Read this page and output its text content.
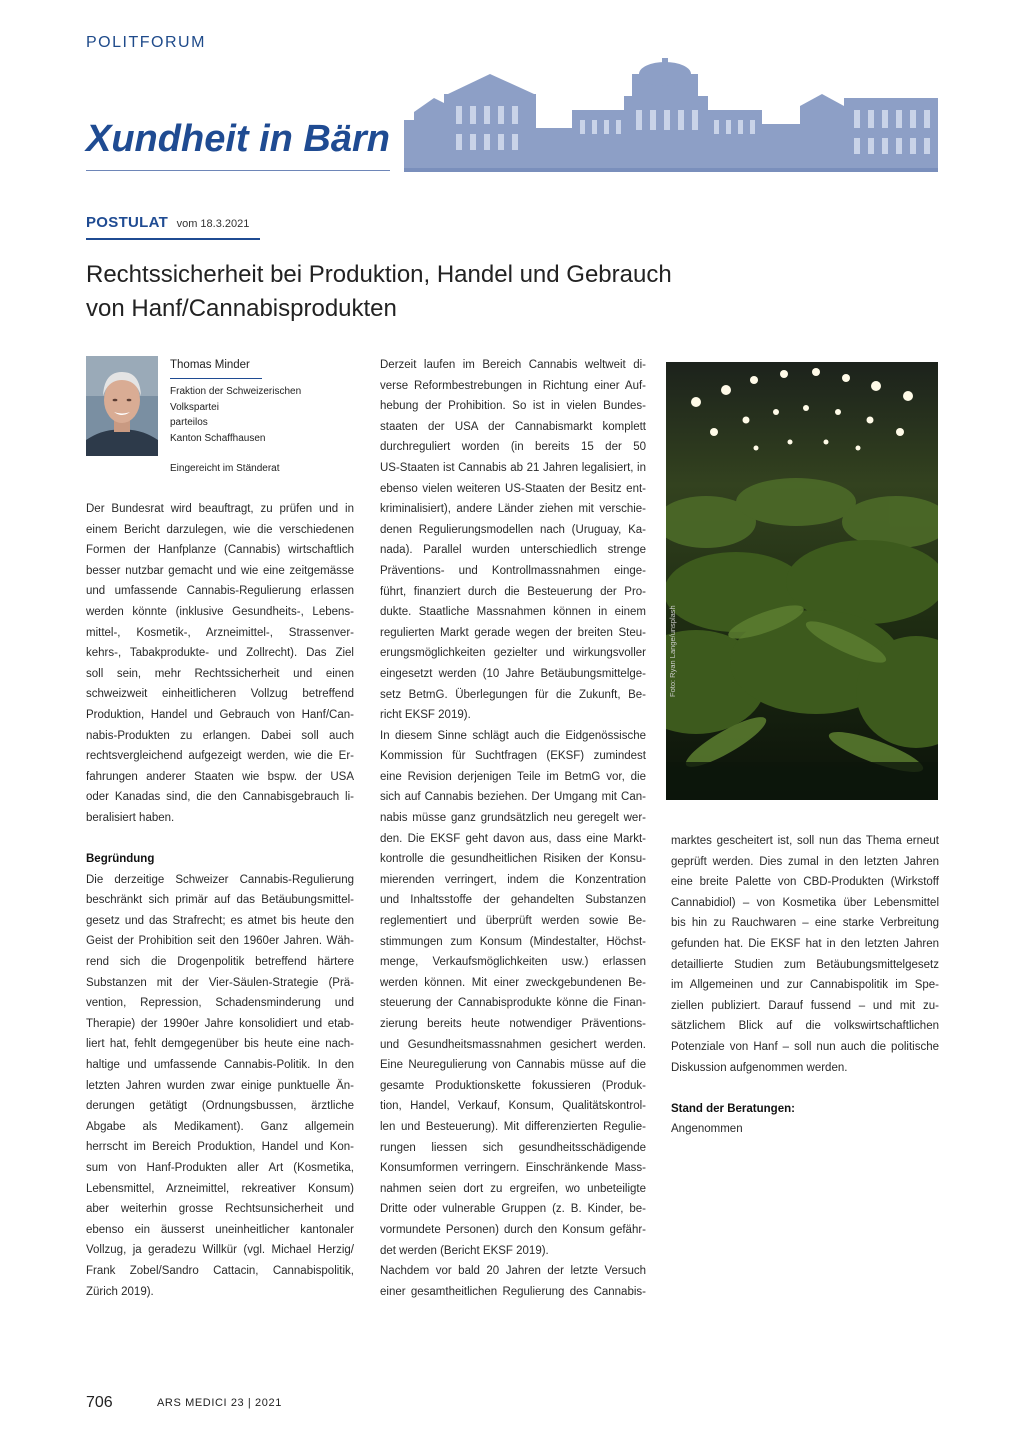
POLITFORUM
Xundheit in Bärn
POSTULAT vom 18.3.2021
Rechtssicherheit bei Produktion, Handel und Gebrauch
von Hanf/Cannabisprodukten
Thomas Minder
Fraktion der Schweizerischen
Volkspartei
parteilos
Kanton Schaffhausen
Eingereicht im Ständerat
Der Bundesrat wird beauftragt, zu prüfen und in
einem Bericht darzulegen, wie die verschiedenen
Formen der Hanfplanze (Cannabis) wirtschaftlich
besser nutzbar gemacht und wie eine zeitgemässe
und umfassende Cannabis-Regulierung erlassen
werden könnte (inklusive Gesundheits-, Lebens-
mittel-, Kosmetik-, Arzneimittel-, Strassenver-
kehrs-, Tabakprodukte- und Zollrecht). Das Ziel
soll sein, mehr Rechtssicherheit und einen
schweizweit einheitlicheren Vollzug betreffend
Produktion, Handel und Gebrauch von Hanf/Can-
nabis-Produkten zu erlangen. Dabei soll auch
rechtsvergleichend aufgezeigt werden, wie die Er-
fahrungen anderer Staaten wie bspw. der USA
oder Kanadas sind, die den Cannabisgebrauch li-
beralisiert haben.
Begründung
Die derzeitige Schweizer Cannabis-Regulierung
beschränkt sich primär auf das Betäubungsmittel-
gesetz und das Strafrecht; es atmet bis heute den
Geist der Prohibition seit den 1960er Jahren. Wäh-
rend sich die Drogenpolitik betreffend härtere
Substanzen mit der Vier-Säulen-Strategie (Prä-
vention, Repression, Schadensminderung und
Therapie) der 1990er Jahre konsolidiert und etab-
liert hat, fehlt demgegenüber bis heute eine nach-
haltige und umfassende Cannabis-Politik. In den
letzten Jahren wurden zwar einige punktuelle Än-
derungen getätigt (Ordnungsbussen, ärztliche
Abgabe als Medikament). Ganz allgemein
herrscht im Bereich Produktion, Handel und Kon-
sum von Hanf-Produkten aller Art (Kosmetika,
Lebensmittel, Arzneimittel, rekreativer Konsum)
aber weiterhin grosse Rechtsunsicherheit und
ebenso ein äusserst uneinheitlicher kantonaler
Vollzug, ja geradezu Willkür (vgl. Michael Herzig/
Frank Zobel/Sandro Cattacin, Cannabispolitik,
Zürich 2019).
Derzeit laufen im Bereich Cannabis weltweit di-
verse Reformbestrebungen in Richtung einer Auf-
hebung der Prohibition. So ist in vielen Bundes-
staaten der USA der Cannabismarkt komplett
durchreguliert worden (in bereits 15 der 50
US-Staaten ist Cannabis ab 21 Jahren legalisiert, in
ebenso vielen weiteren US-Staaten der Besitz ent-
kriminalisiert), andere Länder ziehen mit verschie-
denen Regulierungsmodellen nach (Uruguay, Ka-
nada). Parallel wurden unterschiedlich strenge
Präventions- und Kontrollmassnahmen einge-
führt, finanziert durch die Besteuerung der Pro-
dukte. Staatliche Massnahmen können in einem
regulierten Markt gerade wegen der breiten Steu-
erungsmöglichkeiten gezielter und wirkungsvoller
eingesetzt werden (10 Jahre Betäubungsmittelge-
setz BetmG. Überlegungen für die Zukunft, Be-
richt EKSF 2019).
In diesem Sinne schlägt auch die Eidgenössische
Kommission für Suchtfragen (EKSF) zumindest
eine Revision derjenigen Teile im BetmG vor, die
sich auf Cannabis beziehen. Der Umgang mit Can-
nabis müsse ganz grundsätzlich neu geregelt wer-
den. Die EKSF geht davon aus, dass eine Markt-
kontrolle die gesundheitlichen Risiken der Konsu-
mierenden verringert, indem die Konzentration
und Inhaltsstoffe der gehandelten Substanzen
reglementiert und überprüft werden sowie Be-
stimmungen zum Konsum (Mindestalter, Höchst-
menge, Verkaufsmöglichkeiten usw.) erlassen
werden können. Mit einer zweckgebundenen Be-
steuerung der Cannabisprodukte könne die Finan-
zierung bereits heute notwendiger Präventions-
und Gesundheitsmassnahmen gesichert werden.
Eine Neuregulierung von Cannabis müsse auf die
gesamte Produktionskette fokussieren (Produk-
tion, Handel, Verkauf, Konsum, Qualitätskontrol-
len und Besteuerung). Mit differenzierten Regulie-
rungen liessen sich gesundheitsschädigende
Konsumformen verringern. Einschränkende Mass-
nahmen seien dort zu ergreifen, wo unbeteiligte
Dritte oder vulnerable Gruppen (z. B. Kinder, be-
vormundete Personen) durch den Konsum gefähr-
det werden (Bericht EKSF 2019).
Nachdem vor bald 20 Jahren der letzte Versuch
einer gesamtheitlichen Regulierung des Cannabis-
marktes gescheitert ist, soll nun das Thema erneut
geprüft werden. Dies zumal in den letzten Jahren
eine breite Palette von CBD-Produkten (Wirkstoff
Cannabidiol) – von Kosmetika über Lebensmittel
bis hin zu Rauchwaren – eine starke Verbreitung
gefunden hat. Die EKSF hat in den letzten Jahren
detaillierte Studien zum Betäubungsmittelgesetz
im Allgemeinen und zur Cannabispolitik im Spe-
ziellen publiziert. Darauf fussend – und mit zu-
sätzlichem Blick auf die volkswirtschaftlichen
Potenziale von Hanf – soll nun auch die politische
Diskussion aufgenommen werden.
Stand der Beratungen:
Angenommen
Foto: Ryan Lange/unsplash
706	ARS MEDICI 23 | 2021
